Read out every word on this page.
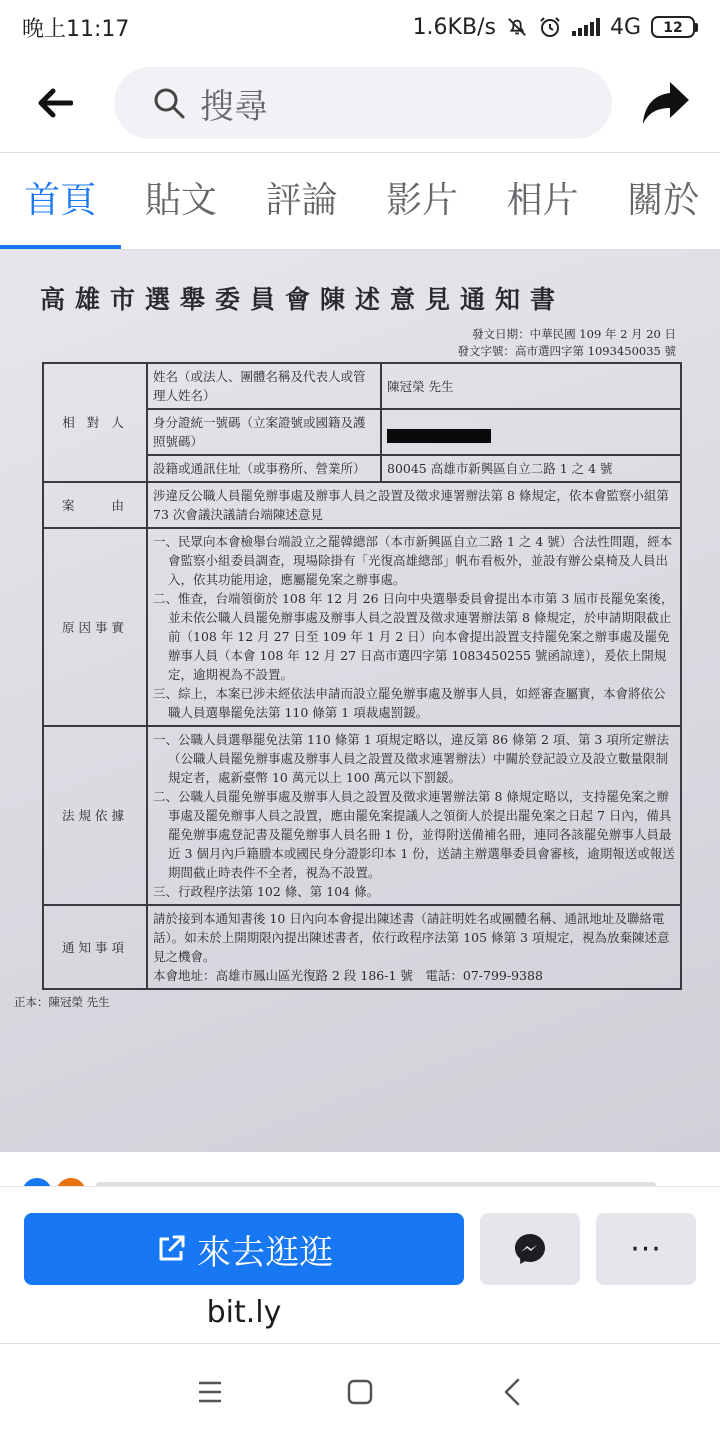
晚上11:17	1.6KB/s	4G	12
搜尋
首頁	貼文	評論	影片	相片	關於
高雄市選舉委員會陳述意見通知書
發文日期：中華民國 109 年 2 月 20 日
發文字號：高市選四字第 1093450035 號
相 對 人	姓名（或法人、團體名稱及代表人或管理人姓名）	陳冠榮 先生
	身分證統一號碼（立案證號或國籍及護照號碼）	
	設籍或通訊住址（或事務所、營業所）	80045 高雄市新興區自立二路 1 之 4 號
案　　由	涉違反公職人員罷免辦事處及辦事人員之設置及徵求連署辦法第 8 條規定，依本會監察小組第 73 次會議決議請台端陳述意見	
原因事實	一、民眾向本會檢舉台端設立之罷韓總部（本市新興區自立二路 1 之 4 號）合法性問題，經本會監察小組委員調查，現場除掛有「光復高雄總部」帆布看板外，並設有辦公桌椅及人員出入，依其功能用途，應屬罷免案之辦事處。
二、惟查，台端領銜於 108 年 12 月 26 日向中央選舉委員會提出本市第 3 屆市長罷免案後，並未依公職人員罷免辦事處及辦事人員之設置及徵求連署辦法第 8 條規定，於申請期限截止前（108 年 12 月 27 日至 109 年 1 月 2 日）向本會提出設置支持罷免案之辦事處及罷免辦事人員（本會 108 年 12 月 27 日高市選四字第 1083450255 號函諒達），爰依上開規定，逾期視為不設置。
三、綜上，本案已涉未經依法申請而設立罷免辦事處及辦事人員，如經審查屬實，本會將依公職人員選舉罷免法第 110 條第 1 項裁處罰鍰。	

法規依據	一、公職人員選舉罷免法第 110 條第 1 項規定略以，違反第 86 條第 2 項、第 3 項所定辦法（公職人員罷免辦事處及辦事人員之設置及徵求連署辦法）中關於登記設立及設立數量限制規定者，處新臺幣 10 萬元以上 100 萬元以下罰鍰。
二、公職人員罷免辦事處及辦事人員之設置及徵求連署辦法第 8 條規定略以，支持罷免案之辦事處及罷免辦事人員之設置，應由罷免案提議人之領銜人於提出罷免案之日起 7 日內，備具罷免辦事處登記書及罷免辦事人員名冊 1 份，並得附送備補名冊，連同各該罷免辦事人員最近 3 個月內戶籍謄本或國民身分證影印本 1 份，送請主辦選舉委員會審核，逾期報送或報送期間截止時表件不全者，視為不設置。
三、行政程序法第 102 條、第 104 條。	

通知事項	請於接到本通知書後 10 日內向本會提出陳述書（請註明姓名或團體名稱、通訊地址及聯絡電話）。如未於上開期限內提出陳述書者，依行政程序法第 105 條第 3 項規定，視為放棄陳述意見之機會。
本會地址：高雄市鳳山區光復路 2 段 186-1 號　電話：07-799-9388	
正本：陳冠榮 先生
來去逛逛	···
bit.ly
